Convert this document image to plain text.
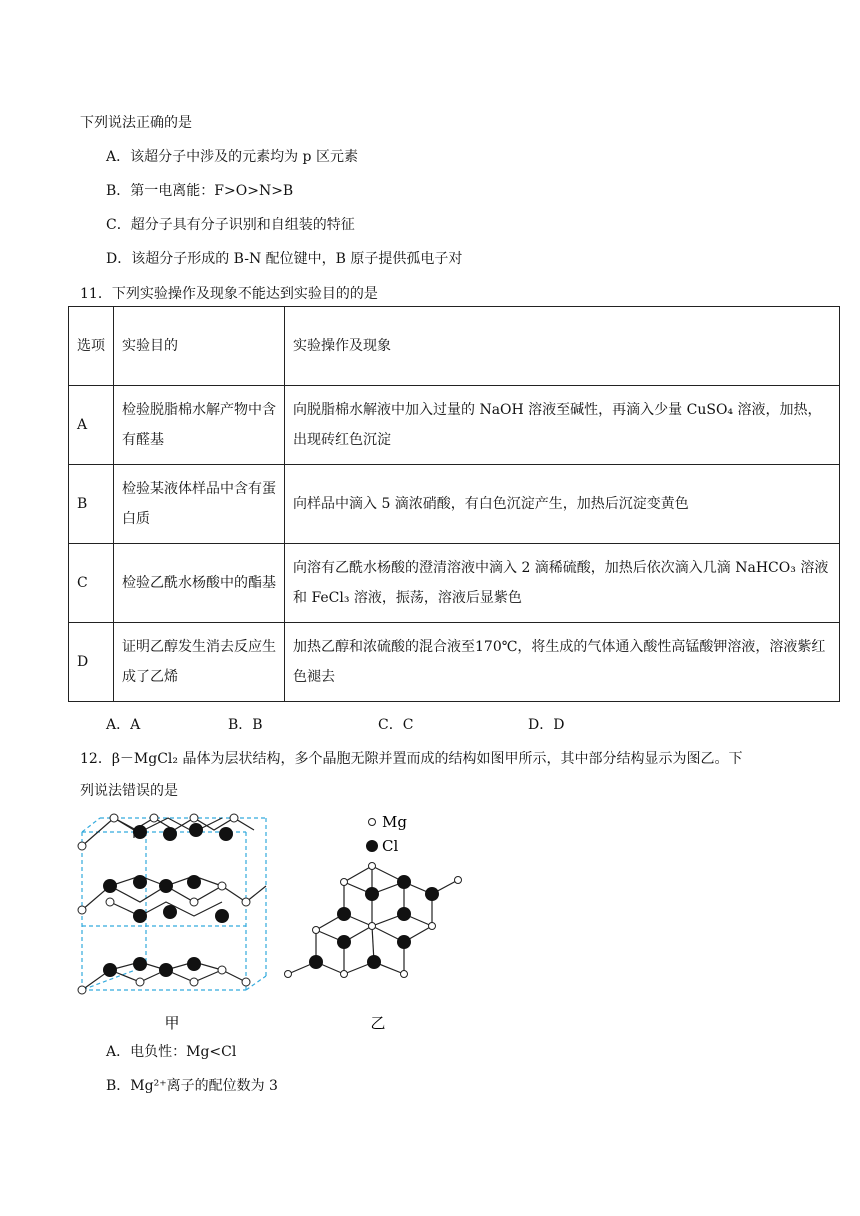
下列说法正确的是
A．该超分子中涉及的元素均为 p 区元素
B．第一电离能：F>O>N>B
C．超分子具有分子识别和自组装的特征
D．该超分子形成的 B-N 配位键中，B 原子提供孤电子对
11．下列实验操作及现象不能达到实验目的的是
选项	实验目的	实验操作及现象
A	检验脱脂棉水解产物中含有醛基	向脱脂棉水解液中加入过量的 NaOH 溶液至碱性，再滴入少量 CuSO₄ 溶液，加热，出现砖红色沉淀
B	检验某液体样品中含有蛋白质	向样品中滴入 5 滴浓硝酸，有白色沉淀产生，加热后沉淀变黄色
C	检验乙酰水杨酸中的酯基	向溶有乙酰水杨酸的澄清溶液中滴入 2 滴稀硫酸，加热后依次滴入几滴 NaHCO₃ 溶液和 FeCl₃ 溶液，振荡，溶液后显紫色
D	证明乙醇发生消去反应生成了乙烯	加热乙醇和浓硫酸的混合液至170℃，将生成的气体通入酸性高锰酸钾溶液，溶液紫红色褪去
A．A	B．B	C．C	D．D
12．β－MgCl₂ 晶体为层状结构，多个晶胞无隙并置而成的结构如图甲所示，其中部分结构显示为图乙。下
列说法错误的是
甲
Mg
Cl
乙
A．电负性：Mg<Cl
B．Mg²⁺离子的配位数为 3
